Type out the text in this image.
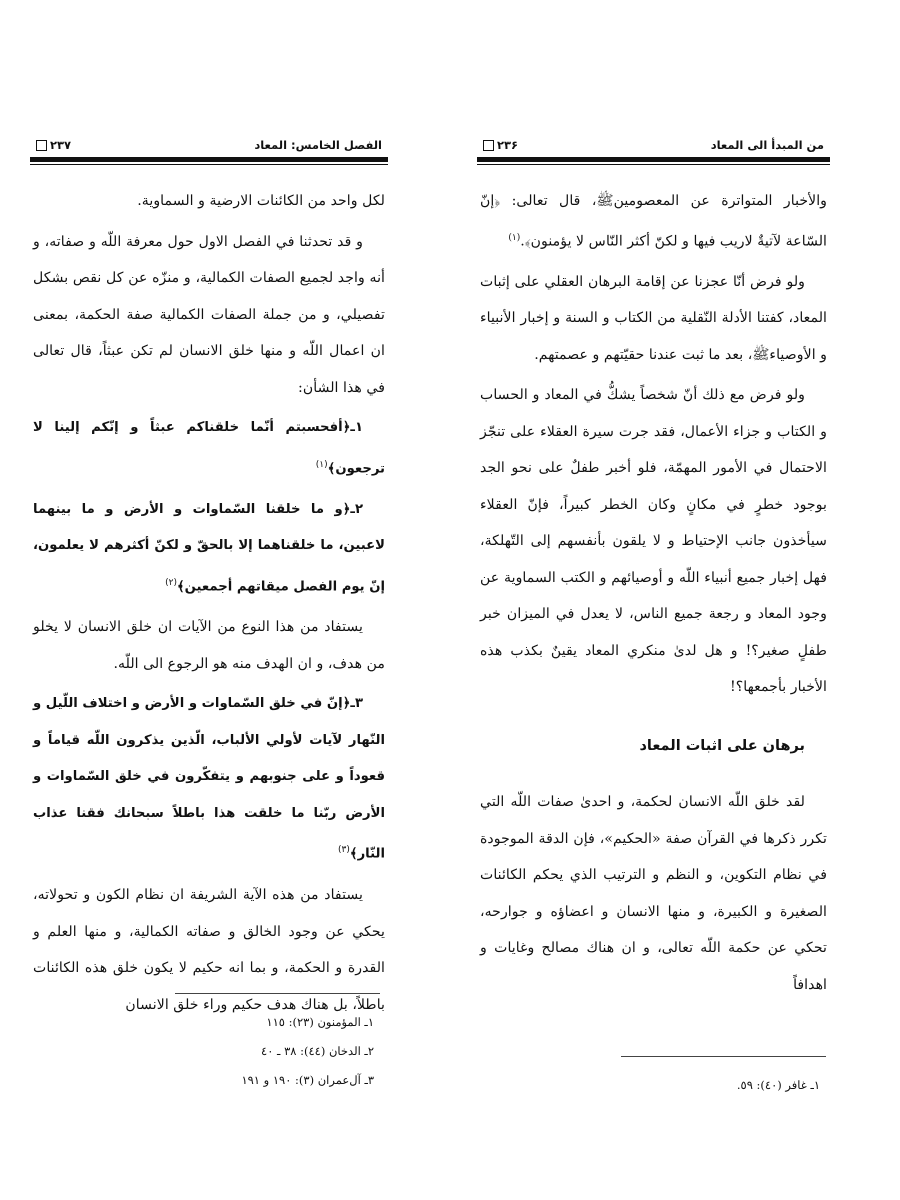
الفصل الخامس: المعاد
٢٣٧

لكل واحد من الكائنات الارضية و السماوية.

و قد تحدثنا في الفصل الاول حول معرفة اللّه و صفاته، و أنه واجد لجميع الصفات الكمالية، و منزّه عن كل نقص بشكل تفصيلي، و من جملة الصفات الكمالية صفة الحكمة، بمعنى ان اعمال اللّه و منها خلق الانسان لم تكن عبثاً، قال تعالى في هذا الشأن:

١ـ﴿أفحسبتم أنّما خلقناكم عبثاً و إنّكم إلينا لا ترجعون﴾$^{(١)}$

٢ـ﴿و ما خلقنا السّماوات و الأرض و ما بينهما لاعبين، ما خلقناهما إلا بالحقّ و لكنّ أكثرهم لا يعلمون، إنّ يوم الفصل ميقاتهم أجمعين﴾$^{(٢)}$

يستفاد من هذا النوع من الآيات ان خلق الانسان لا يخلو من هدف، و ان الهدف منه هو الرجوع الى اللّه.

٣ـ﴿إنّ في خلق السّماوات و الأرض و اختلاف اللّيل و النّهار لآيات لأولي الألباب، الّذين يذكرون اللّه قياماً و قعوداً و على جنوبهم و يتفكّرون في خلق السّماوات و الأرض ربّنا ما خلقت هذا باطلاً سبحانك فقنا عذاب النّار﴾$^{(٣)}$

يستفاد من هذه الآية الشريفة ان نظام الكون و تحولاته، يحكي عن وجود الخالق و صفاته الكمالية، و منها العلم و القدرة و الحكمة، و بما انه حكيم لا يكون خلق هذه الكائنات باطلاً، بل هناك هدف حكيم وراء خلق الانسان

١ـ المؤمنون (٢٣): ١١٥
٢ـ الدخان (٤٤): ٣٨ ـ ٤٠
٣ـ آل‌عمران (٣): ١٩٠ و ١٩١
من المبدأ الى المعاد
٢٣۶

والأخبار المتواترة عن المعصومين‌ﷺ، قال تعالى: ﴿إنّ السّاعة لآتيةٌ لاريب فيها و لكنّ أكثر النّاس لا يؤمنون﴾.$^{(١)}$

ولو فرض أنّا عجزنا عن إقامة البرهان العقلي على إثبات المعاد، كفتنا الأدلة النّقلية من الكتاب و السنة و إخبار الأنبياء و الأوصياءﷺ، بعد ما ثبت عندنا حقيّتهم و عصمتهم.

ولو فرض مع ذلك أنّ شخصاً يشكُّ في المعاد و الحساب و الكتاب و جزاء الأعمال، فقد جرت سيرة العقلاء على تنجّز الاحتمال في الأمور المهمّة، فلو أخبر طفلٌ على نحو الجد بوجود خطرٍ في مكانٍ وكان الخطر كبيراً، فإنّ العقلاء سيأخذون جانب الإحتياط و لا يلقون بأنفسهم إلى التّهلكة، فهل إخبار جميع أنبياء اللّه و أوصيائهم و الكتب السماوية عن وجود المعاد و رجعة جميع الناس، لا يعدل في الميزان خبر طفلٍ صغير؟! و هل لدىٰ منكري المعاد يقينٌ بكذب هذه الأخبار بأجمعها؟!

برهان على اثبات المعاد

لقد خلق اللّه الانسان لحكمة، و احدىٰ صفات اللّه التي تكرر ذكرها في القرآن صفة «الحكيم»، فإن الدقة الموجودة في نظام التكوين، و النظم و الترتيب الذي يحكم الكائنات الصغيرة و الكبيرة، و منها الانسان و اعضاؤه و جوارحه، تحكي عن حكمة اللّه تعالى، و ان هناك مصالح وغايات و اهدافاً

١ـ غافر (٤٠): ٥٩.
